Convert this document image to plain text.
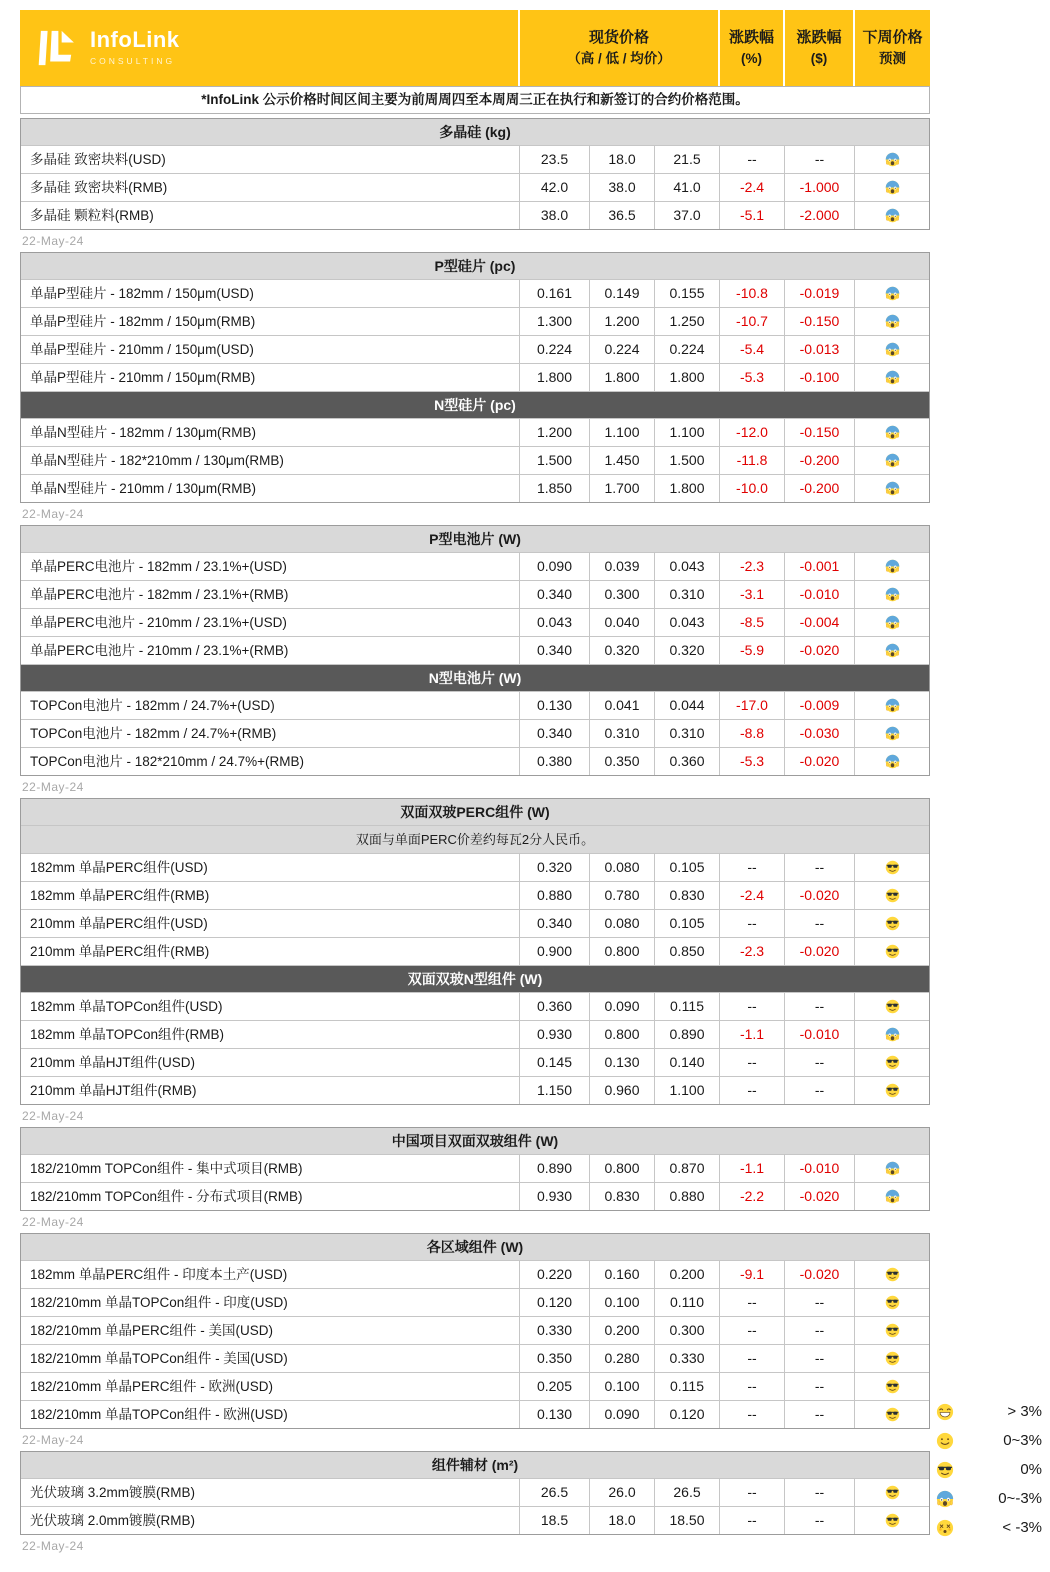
InfoLink
CONSULTING
现货价格
（高 / 低 / 均价）
涨跌幅
(%)
涨跌幅
($)
下周价格
预测
*InfoLink 公示价格时间区间主要为前周周四至本周周三正在执行和新签订的合约价格范围。
多晶硅 (kg)
多晶硅 致密块料(USD)	23.5	18.0	21.5	--	--
多晶硅 致密块料(RMB)	42.0	38.0	41.0	-2.4	-1.000
多晶硅 颗粒料(RMB)	38.0	36.5	37.0	-5.1	-2.000
22-May-24
P型硅片 (pc)
单晶P型硅片 - 182mm / 150μm(USD)	0.161	0.149	0.155	-10.8	-0.019
单晶P型硅片 - 182mm / 150μm(RMB)	1.300	1.200	1.250	-10.7	-0.150
单晶P型硅片 - 210mm / 150μm(USD)	0.224	0.224	0.224	-5.4	-0.013
单晶P型硅片 - 210mm / 150μm(RMB)	1.800	1.800	1.800	-5.3	-0.100
N型硅片 (pc)
单晶N型硅片 - 182mm / 130μm(RMB)	1.200	1.100	1.100	-12.0	-0.150
单晶N型硅片 - 182*210mm / 130μm(RMB)	1.500	1.450	1.500	-11.8	-0.200
单晶N型硅片 - 210mm / 130μm(RMB)	1.850	1.700	1.800	-10.0	-0.200
22-May-24
P型电池片 (W)
单晶PERC电池片 - 182mm / 23.1%+(USD)	0.090	0.039	0.043	-2.3	-0.001
单晶PERC电池片 - 182mm / 23.1%+(RMB)	0.340	0.300	0.310	-3.1	-0.010
单晶PERC电池片 - 210mm / 23.1%+(USD)	0.043	0.040	0.043	-8.5	-0.004
单晶PERC电池片 - 210mm / 23.1%+(RMB)	0.340	0.320	0.320	-5.9	-0.020
N型电池片 (W)
TOPCon电池片 - 182mm / 24.7%+(USD)	0.130	0.041	0.044	-17.0	-0.009
TOPCon电池片 - 182mm / 24.7%+(RMB)	0.340	0.310	0.310	-8.8	-0.030
TOPCon电池片 - 182*210mm / 24.7%+(RMB)	0.380	0.350	0.360	-5.3	-0.020
22-May-24
双面双玻PERC组件 (W)
双面与单面PERC价差约每瓦2分人民币。
182mm 单晶PERC组件(USD)	0.320	0.080	0.105	--	--
182mm 单晶PERC组件(RMB)	0.880	0.780	0.830	-2.4	-0.020
210mm 单晶PERC组件(USD)	0.340	0.080	0.105	--	--
210mm 单晶PERC组件(RMB)	0.900	0.800	0.850	-2.3	-0.020
双面双玻N型组件 (W)
182mm 单晶TOPCon组件(USD)	0.360	0.090	0.115	--	--
182mm 单晶TOPCon组件(RMB)	0.930	0.800	0.890	-1.1	-0.010
210mm 单晶HJT组件(USD)	0.145	0.130	0.140	--	--
210mm 单晶HJT组件(RMB)	1.150	0.960	1.100	--	--
22-May-24
中国项目双面双玻组件 (W)
182/210mm TOPCon组件 - 集中式项目(RMB)	0.890	0.800	0.870	-1.1	-0.010
182/210mm TOPCon组件 - 分布式项目(RMB)	0.930	0.830	0.880	-2.2	-0.020
22-May-24
各区域组件 (W)
182mm 单晶PERC组件 - 印度本土产(USD)	0.220	0.160	0.200	-9.1	-0.020
182/210mm 单晶TOPCon组件 - 印度(USD)	0.120	0.100	0.110	--	--
182/210mm 单晶PERC组件 - 美国(USD)	0.330	0.200	0.300	--	--
182/210mm 单晶TOPCon组件 - 美国(USD)	0.350	0.280	0.330	--	--
182/210mm 单晶PERC组件 - 欧洲(USD)	0.205	0.100	0.115	--	--
182/210mm 单晶TOPCon组件 - 欧洲(USD)	0.130	0.090	0.120	--	--
22-May-24
组件辅材 (m²)
光伏玻璃 3.2mm镀膜(RMB)	26.5	26.0	26.5	--	--
光伏玻璃 2.0mm镀膜(RMB)	18.5	18.0	18.50	--	--
22-May-24
> 3%
0~3%
0%
0~-3%
< -3%
